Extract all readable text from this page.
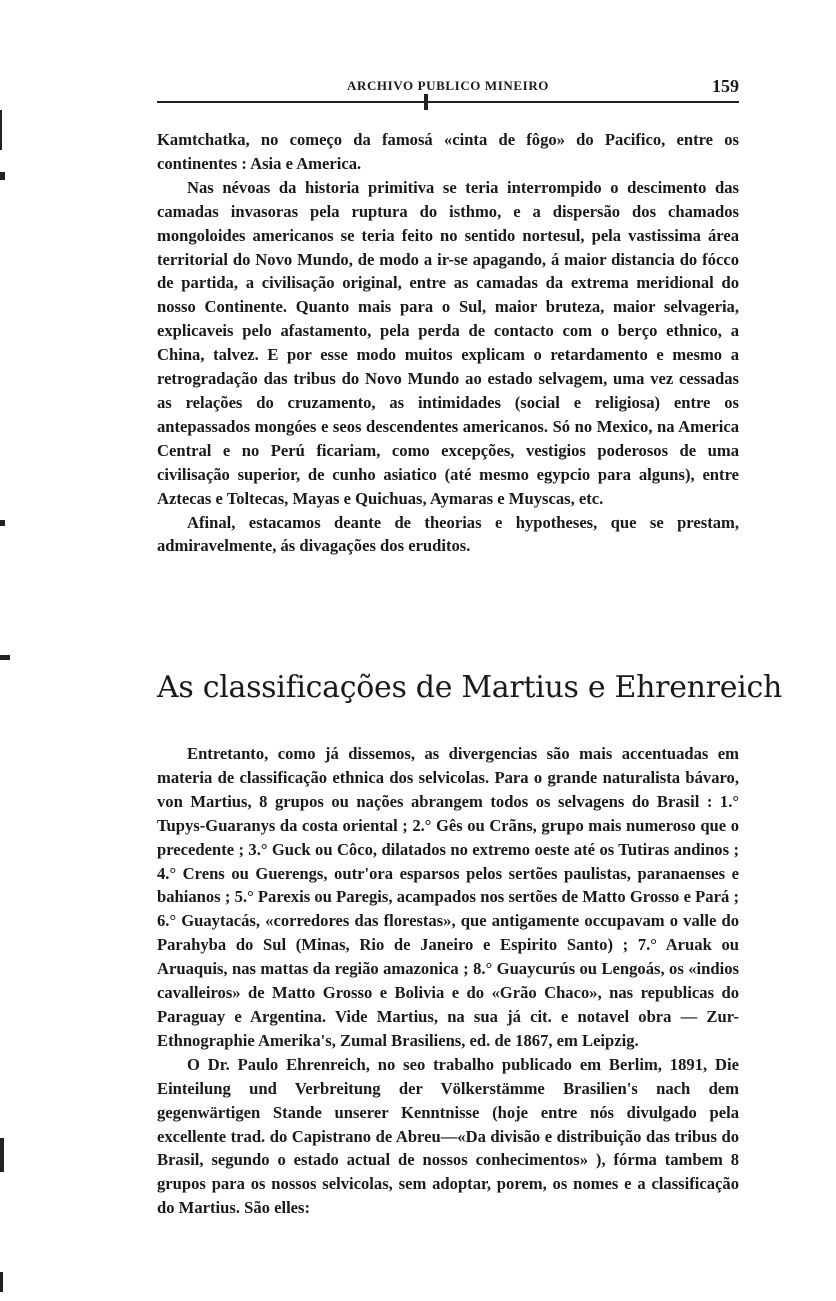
ARCHIVO PUBLICO MINEIRO	159

Kamtchatka, no começo da famosá «cinta de fôgo» do Pacifico, entre os continentes : Asia e America.

Nas névoas da historia primitiva se teria interrompido o descimento das camadas invasoras pela ruptura do isthmo, e a dispersão dos chamados mongoloides americanos se teria feito no sentido nortesul, pela vastissima área territorial do Novo Mundo, de modo a ir-se apagando, á maior distancia do fócco de partida, a civilisação original, entre as camadas da extrema meridional do nosso Continente. Quanto mais para o Sul, maior bruteza, maior selvageria, explicaveis pelo afastamento, pela perda de contacto com o berço ethnico, a China, talvez. E por esse modo muitos explicam o retardamento e mesmo a retrogradação das tribus do Novo Mundo ao estado selvagem, uma vez cessadas as relações do cruzamento, as intimidades (social e religiosa) entre os antepassados mongóes e seos descendentes americanos. Só no Mexico, na America Central e no Perú ficariam, como excepções, vestigios poderosos de uma civilisação superior, de cunho asiatico (até mesmo egypcio para alguns), entre Aztecas e Toltecas, Mayas e Quichuas, Aymaras e Muyscas, etc.

Afinal, estacamos deante de theorias e hypotheses, que se prestam, admiravelmente, ás divagações dos eruditos.

As classificações de Martius e Ehrenreich

Entretanto, como já dissemos, as divergencias são mais accentuadas em materia de classificação ethnica dos selvicolas. Para o grande naturalista bávaro, von Martius, 8 grupos ou nações abrangem todos os selvagens do Brasil : 1.° Tupys-Guaranys da costa oriental ; 2.° Gês ou Crãns, grupo mais numeroso que o precedente ; 3.° Guck ou Côco, dilatados no extremo oeste até os Tutiras andinos ; 4.° Crens ou Guerengs, outr'ora esparsos pelos sertões paulistas, paranaenses e bahianos ; 5.° Parexis ou Paregis, acampados nos sertões de Matto Grosso e Pará ; 6.° Guaytacás, «corredores das florestas», que antigamente occupavam o valle do Parahyba do Sul (Minas, Rio de Janeiro e Espirito Santo) ; 7.° Aruak ou Aruaquis, nas mattas da região amazonica ; 8.° Guaycurús ou Lengoás, os «indios cavalleiros» de Matto Grosso e Bolivia e do «Grão Chaco», nas republicas do Paraguay e Argentina. Vide Martius, na sua já cit. e notavel obra — Zur-Ethnographie Amerika's, Zumal Brasiliens, ed. de 1867, em Leipzig.

O Dr. Paulo Ehrenreich, no seo trabalho publicado em Berlim, 1891, Die Einteilung und Verbreitung der Völkerstämme Brasilien's nach dem gegenwärtigen Stande unserer Kenntnisse (hoje entre nós divulgado pela excellente trad. do Capistrano de Abreu—«Da divisão e distribuição das tribus do Brasil, segundo o estado actual de nossos conhecimentos» ), fórma tambem 8 grupos para os nossos selvicolas, sem adoptar, porem, os nomes e a classificação do Martius. São elles:
